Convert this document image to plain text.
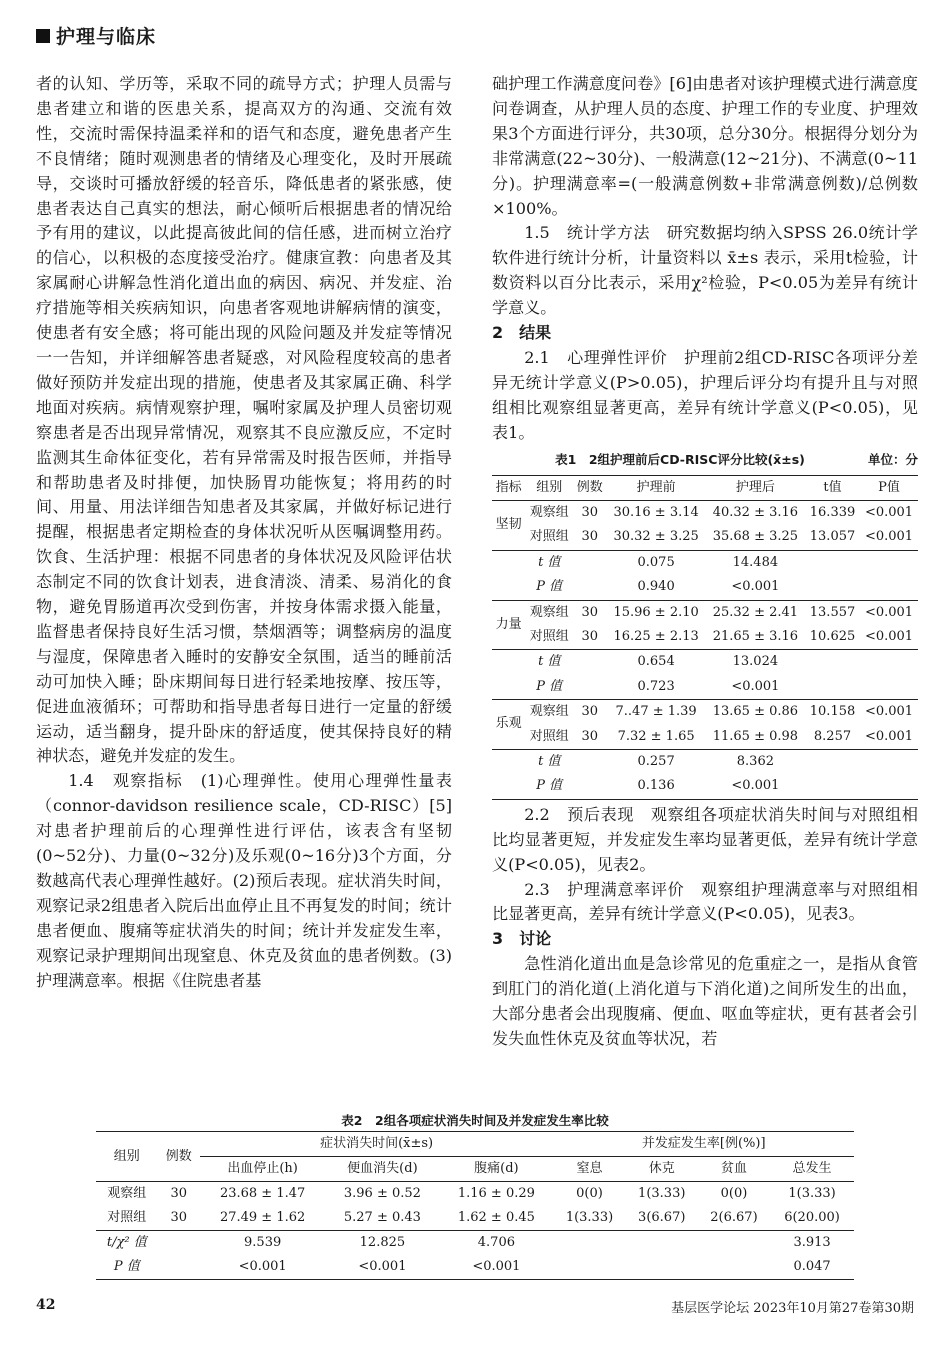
护理与临床

者的认知、学历等，采取不同的疏导方式；护理人员需与患者建立和谐的医患关系，提高双方的沟通、交流有效性，交流时需保持温柔祥和的语气和态度，避免患者产生不良情绪；随时观测患者的情绪及心理变化，及时开展疏导，交谈时可播放舒缓的轻音乐，降低患者的紧张感，使患者表达自己真实的想法，耐心倾听后根据患者的情况给予有用的建议，以此提高彼此间的信任感，进而树立治疗的信心，以积极的态度接受治疗。健康宣教：向患者及其家属耐心讲解急性消化道出血的病因、病况、并发症、治疗措施等相关疾病知识，向患者客观地讲解病情的演变，使患者有安全感；将可能出现的风险问题及并发症等情况一一告知，并详细解答患者疑惑，对风险程度较高的患者做好预防并发症出现的措施，使患者及其家属正确、科学地面对疾病。病情观察护理，嘱咐家属及护理人员密切观察患者是否出现异常情况，观察其不良应激反应，不定时监测其生命体征变化，若有异常需及时报告医师，并指导和帮助患者及时排便，加快肠胃功能恢复；将用药的时间、用量、用法详细告知患者及其家属，并做好标记进行提醒，根据患者定期检查的身体状况听从医嘱调整用药。饮食、生活护理：根据不同患者的身体状况及风险评估状态制定不同的饮食计划表，进食清淡、清柔、易消化的食物，避免胃肠道再次受到伤害，并按身体需求摄入能量，监督患者保持良好生活习惯，禁烟酒等；调整病房的温度与湿度，保障患者入睡时的安静安全氛围，适当的睡前活动可加快入睡；卧床期间每日进行轻柔地按摩、按压等，促进血液循环；可帮助和指导患者每日进行一定量的舒缓运动，适当翻身，提升卧床的舒适度，使其保持良好的精神状态，避免并发症的发生。

1.4　观察指标　(1)心理弹性。使用心理弹性量表（connor-davidson resilience scale，CD-RISC）[5]对患者护理前后的心理弹性进行评估，该表含有坚韧(0~52分)、力量(0~32分)及乐观(0~16分)3个方面，分数越高代表心理弹性越好。(2)预后表现。症状消失时间，观察记录2组患者入院后出血停止且不再复发的时间；统计患者便血、腹痛等症状消失的时间；统计并发症发生率，观察记录护理期间出现窒息、休克及贫血的患者例数。(3)护理满意率。根据《住院患者基

础护理工作满意度问卷》[6]由患者对该护理模式进行满意度问卷调查，从护理人员的态度、护理工作的专业度、护理效果3个方面进行评分，共30项，总分30分。根据得分划分为非常满意(22~30分)、一般满意(12~21分)、不满意(0~11分)。护理满意率=(一般满意例数+非常满意例数)/总例数×100%。

1.5　统计学方法　研究数据均纳入SPSS 26.0统计学软件进行统计分析，计量资料以 x̄±s 表示，采用t检验，计数资料以百分比表示，采用χ²检验，P<0.05为差异有统计学意义。

2　结果

2.1　心理弹性评价　护理前2组CD-RISC各项评分差异无统计学意义(P>0.05)，护理后评分均有提升且与对照组相比观察组显著更高，差异有统计学意义(P<0.05)，见表1。

表1　2组护理前后CD-RISC评分比较(x̄±s)	单位：分
指标	组别	例数	护理前	护理后	t值	P值
坚韧	观察组	30	30.16 ± 3.14	40.32 ± 3.16	16.339	<0.001
	对照组	30	30.32 ± 3.25	35.68 ± 3.25	13.057	<0.001
	t 值		0.075	14.484		
	P 值		0.940	<0.001		
力量	观察组	30	15.96 ± 2.10	25.32 ± 2.41	13.557	<0.001
	对照组	30	16.25 ± 2.13	21.65 ± 3.16	10.625	<0.001
	t 值		0.654	13.024		
	P 值		0.723	<0.001		
乐观	观察组	30	7..47 ± 1.39	13.65 ± 0.86	10.158	<0.001
	对照组	30	7.32 ± 1.65	11.65 ± 0.98	8.257	<0.001
	t 值		0.257	8.362		
	P 值		0.136	<0.001		

2.2　预后表现　观察组各项症状消失时间与对照组相比均显著更短，并发症发生率均显著更低，差异有统计学意义(P<0.05)，见表2。

2.3　护理满意率评价　观察组护理满意率与对照组相比显著更高，差异有统计学意义(P<0.05)，见表3。

3　讨论

急性消化道出血是急诊常见的危重症之一，是指从食管到肛门的消化道(上消化道与下消化道)之间所发生的出血，大部分患者会出现腹痛、便血、呕血等症状，更有甚者会引发失血性休克及贫血等状况，若

表2　2组各项症状消失时间及并发症发生率比较
组别	例数	症状消失时间(x̄±s)			并发症发生率[例(%)]			
		出血停止(h)	便血消失(d)	腹痛(d)	窒息	休克	贫血	总发生
观察组	30	23.68 ± 1.47	3.96 ± 0.52	1.16 ± 0.29	0(0)	1(3.33)	0(0)	1(3.33)
对照组	30	27.49 ± 1.62	5.27 ± 0.43	1.62 ± 0.45	1(3.33)	3(6.67)	2(6.67)	6(20.00)
t/χ² 值		9.539	12.825	4.706				3.913
P 值		<0.001	<0.001	<0.001				0.047
42	基层医学论坛 2023年10月第27卷第30期
